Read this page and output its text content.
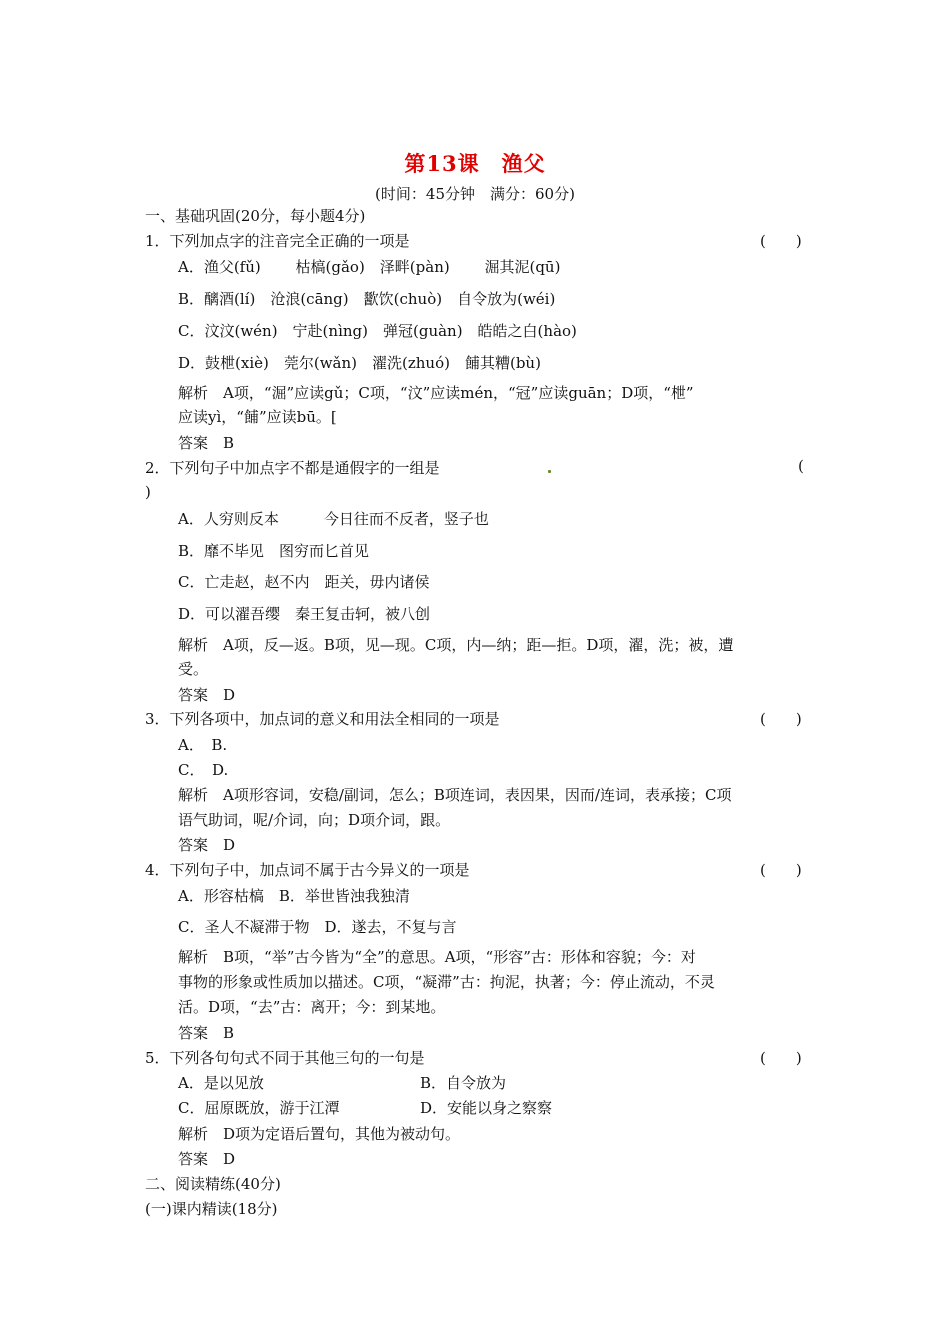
第13课　渔父
(时间：45分钟　满分：60分)
一、基础巩固(20分，每小题4分)
1．下列加点字的注音完全正确的一项是	(　　)
A．渔父(fǔ)　　 枯槁(gǎo)　泽畔(pàn)　　 淈其泥(qū)
B．醨酒(lí)　沧浪(cāng)　歠饮(chuò)　自令放为(wéi)
C．汶汶(wén)　宁赴(nìng)　弹冠(guàn)　皓皓之白(hào)
D．鼓枻(xiè)　莞尔(wǎn)　濯洗(zhuó)　餔其糟(bù)
解析　A项，“淈”应读gǔ；C项，“汶”应读mén，“冠”应读guān；D项，“枻”
应读yì，“餔”应读bū。[
答案　B
2．下列句子中加点字不都是通假字的一组是	(
)
A．人穷则反本　　　今日往而不反者，竖子也
B．靡不毕见　图穷而匕首见
C．亡走赵，赵不内　距关，毋内诸侯
D．可以濯吾缨　秦王复击轲，被八创
解析　A项，反—返。B项，见—现。C项，内—纳；距—拒。D项，濯，洗；被，遭
受。
答案　D
3．下列各项中，加点词的意义和用法全相同的一项是	(　　)
A．　B.
C．　D.
解析　A项形容词，安稳/副词，怎么；B项连词，表因果，因而/连词，表承接；C项
语气助词，呢/介词，向；D项介词，跟。
答案　D
4．下列句子中，加点词不属于古今异义的一项是	(　　)
A．形容枯槁　B．举世皆浊我独清
C．圣人不凝滞于物　D．遂去，不复与言
解析　B项，“举”古今皆为“全”的意思。A项，“形容”古：形体和容貌；今：对
事物的形象或性质加以描述。C项，“凝滞”古：拘泥，执著；今：停止流动，不灵
活。D项，“去”古：离开；今：到某地。
答案　B
5．下列各句句式不同于其他三句的一句是	(　　)
A．是以见放	B．自令放为
C．屈原既放，游于江潭	D．安能以身之察察
解析　D项为定语后置句，其他为被动句。
答案　D
二、阅读精练(40分)
(一)课内精读(18分)
